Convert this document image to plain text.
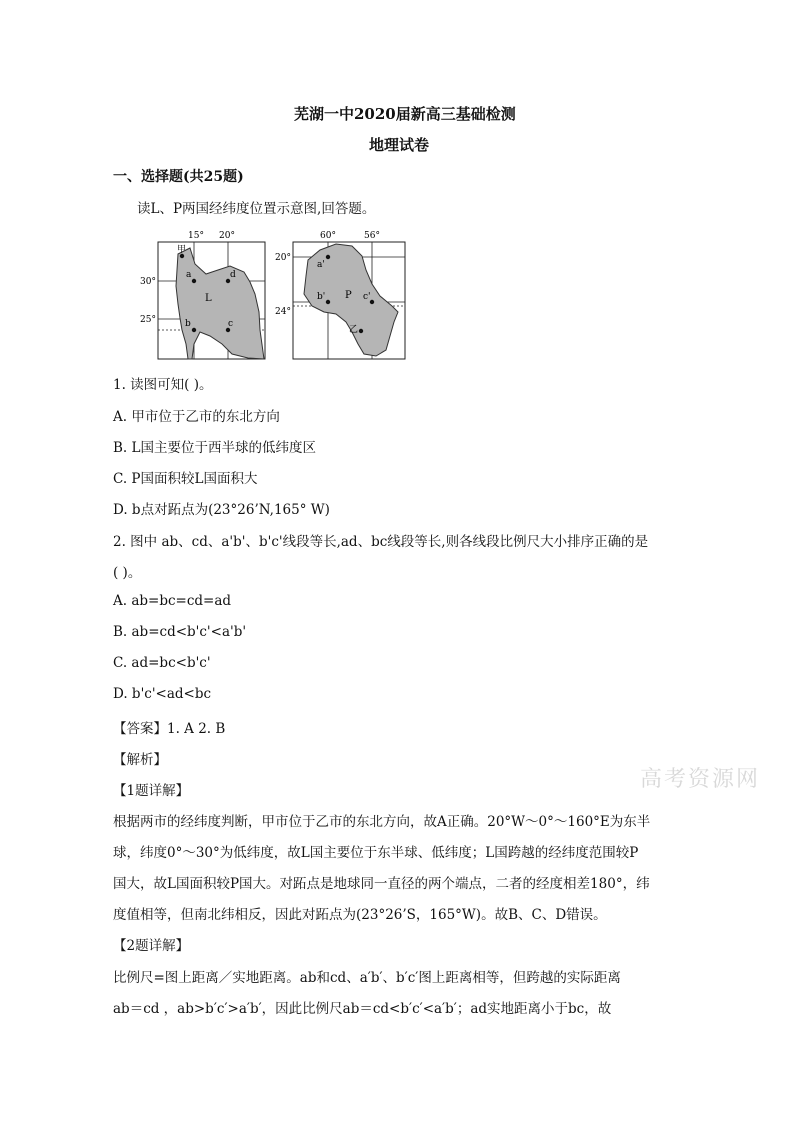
芜湖一中2020届新高三基础检测
地理试卷
一、选择题(共25题)
读L、P两国经纬度位置示意图,回答题。
15° 20°
30°
25°
甲
a	d
b	c
L
60°	56°
20°
24°
a'
b'	c'
乙
P
1. 读图可知( )。
A. 甲市位于乙市的东北方向
B. L国主要位于西半球的低纬度区
C. P国面积较L国面积大
D. b点对跖点为(23°26’N,165° W)
2. 图中 ab、cd、a'b'、b'c'线段等长,ad、bc线段等长,则各线段比例尺大小排序正确的是
( )。
A. ab=bc=cd=ad
B. ab=cd<b'c'<a'b'
C. ad=bc<b'c'
D. b'c'<ad<bc
【答案】1. A 2. B
【解析】
高考资源网
【1题详解】
根据两市的经纬度判断，甲市位于乙市的东北方向，故A正确。20°W～0°～160°E为东半
球，纬度0°～30°为低纬度，故L国主要位于东半球、低纬度；L国跨越的经纬度范围较P
国大，故L国面积较P国大。对跖点是地球同一直径的两个端点，二者的经度相差180°，纬
度值相等，但南北纬相反，因此对跖点为(23°26’S，165°W)。故B、C、D错误。
【2题详解】
比例尺=图上距离／实地距离。ab和cd、a′b′、b′c′图上距离相等，但跨越的实际距离
ab＝cd ，ab>b′c′>a′b′，因此比例尺ab＝cd<b′c′<a′b′；ad实地距离小于bc，故
